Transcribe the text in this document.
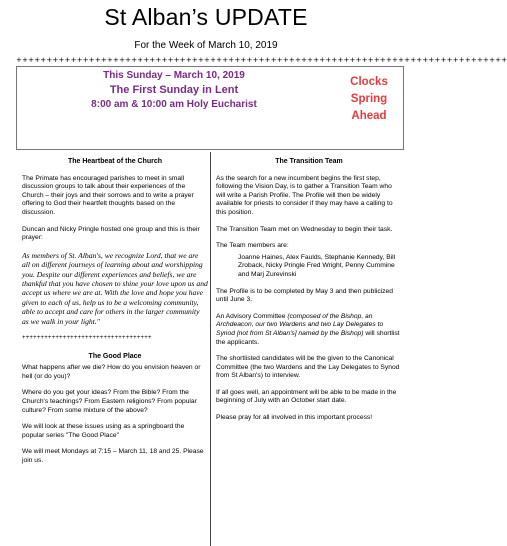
St Alban’s UPDATE
For the Week of March 10, 2019
+++++++++++++++++++++++++++++++++++++++++++++++++++++++++++++++++++++++++++++++++
This Sunday – March 10, 2019
The First Sunday in Lent
8:00 am & 10:00 am Holy Eucharist
Clocks
Spring
Ahead
The Heartbeat of the Church

The Primate has encouraged parishes to meet in small discussion groups to talk about their experiences of the Church – their joys and their sorrows and to write a prayer offering to God their heartfelt thoughts based on the discussion.

Duncan and Nicky Pringle hosted one group and this is their prayer:

As members of St. Alban's, we recognize Lord, that we are all on different journeys of learning about and worshipping you. Despite our different experiences and beliefs, we are thankful that you have chosen to shine your love upon us and accept us where we are at. With the love and hope you have given to each of us, help us to be a welcoming community, able to accept and care for others in the larger community as we walk in your light."

+++++++++++++++++++++++++++++++++++
The Good Place

What happens after we die? How do you envision heaven or hell (or do you)?

Where do you get your ideas? From the Bible? From the Church's teachings? From Eastern religions? From popular culture? From some mixture of the above?

We will look at these issues using as a springboard the popular series "The Good Place"

We will meet Mondays at 7:15 – March 11, 18 and 25. Please join us.

The Transition Team

As the search for a new incumbent begins the first step, following the Vision Day, is to gather a Transition Team who will write a Parish Profile. The Profile will then be widely available for priests to consider if they may have a calling to this position.

The Transition Team met on Wednesday to begin their task.

The Team members are:

Joanne Haines, Alex Faulds, Stephanie Kennedy, Bill Zroback, Nicky Pringle Fred Wright, Penny Cummine and Marj Zurevinski

The Profile is to be completed by May 3 and then publicized until June 3.

An Advisory Committee (composed of the Bishop, an Archdeacon, our two Wardens and two Lay Delegates to Synod [not from St Alban's] named by the Bishop) will shortlist the applicants.

The shortlisted candidates will be the given to the Canonical Committee (the two Wardens and the Lay Delegates to Synod from St Alban's) to interview.

If all goes well, an appointment will be able to be made in the beginning of July with an October start date.

Please pray for all involved in this important process!
